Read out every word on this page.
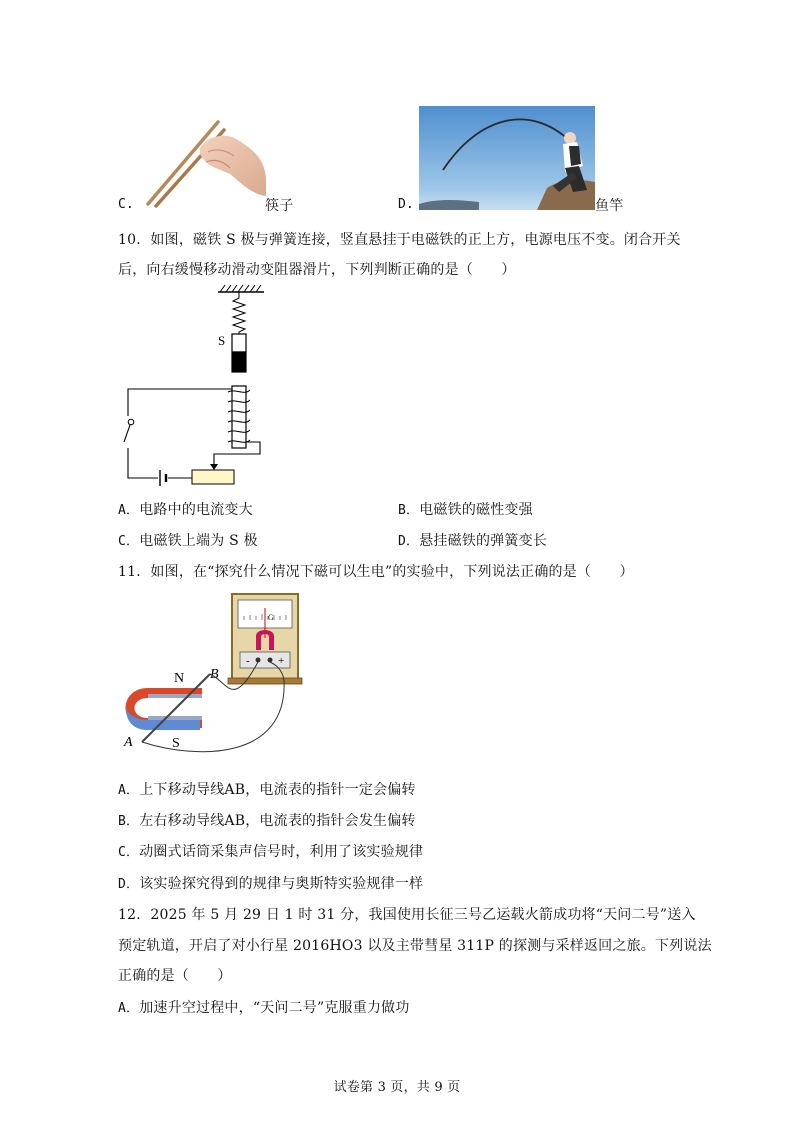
C.	筷子	D.	鱼竿
10．如图，磁铁 S 极与弹簧连接，竖直悬挂于电磁铁的正上方，电源电压不变。闭合开关
后，向右缓慢移动滑动变阻器滑片，下列判断正确的是（　　）
S
A．电路中的电流变大	B．电磁铁的磁性变强
C．电磁铁上端为 S 极	D．悬挂磁铁的弹簧变长
11．如图，在“探究什么情况下磁可以生电”的实验中，下列说法正确的是（　　）
G
-	+
N
S
A
B
A．上下移动导线AB，电流表的指针一定会偏转
B．左右移动导线AB，电流表的指针会发生偏转
C．动圈式话筒采集声信号时，利用了该实验规律
D．该实验探究得到的规律与奥斯特实验规律一样
12．2025 年 5 月 29 日 1 时 31 分，我国使用长征三号乙运载火箭成功将“天问二号”送入
预定轨道，开启了对小行星 2016HO3 以及主带彗星 311P 的探测与采样返回之旅。下列说法
正确的是（　　）
A．加速升空过程中，“天问二号”克服重力做功
试卷第 3 页，共 9 页
